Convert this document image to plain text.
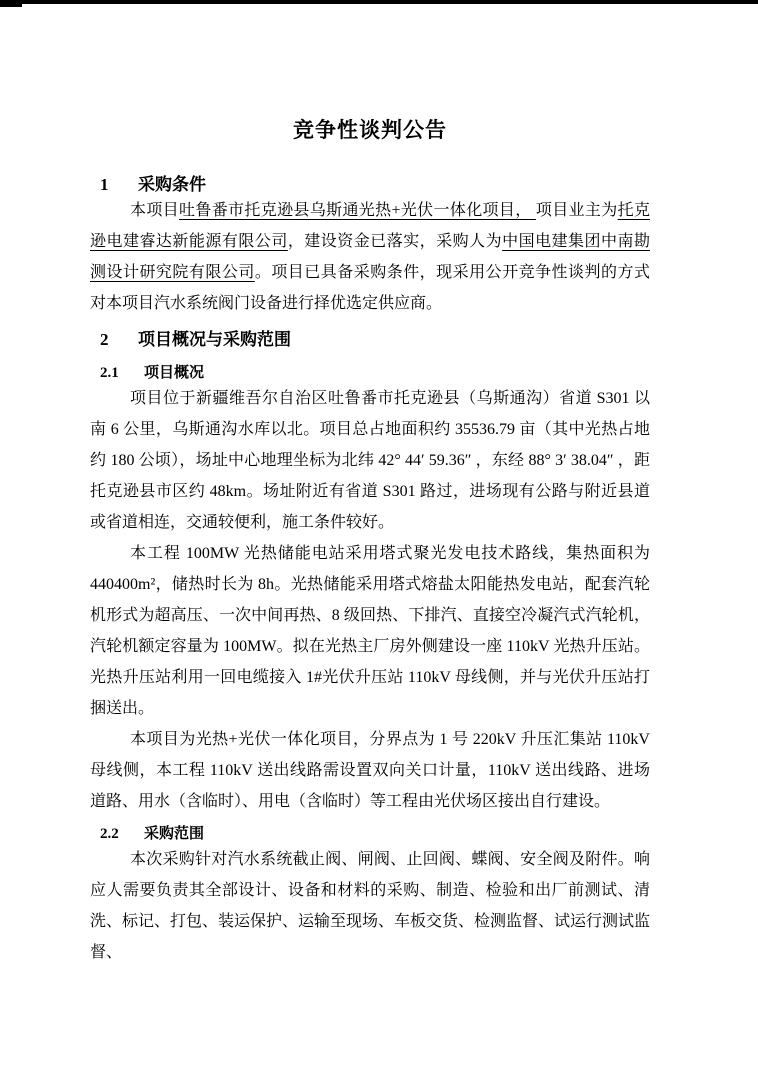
竞争性谈判公告
1 采购条件

本项目吐鲁番市托克逊县乌斯通光热+光伏一体化项目， 项目业主为托克逊电建睿达新能源有限公司，建设资金已落实，采购人为中国电建集团中南勘测设计研究院有限公司。项目已具备采购条件，现采用公开竞争性谈判的方式对本项目汽水系统阀门设备进行择优选定供应商。

2 项目概况与采购范围
2.1 项目概况

项目位于新疆维吾尔自治区吐鲁番市托克逊县（乌斯通沟）省道 S301 以南 6 公里，乌斯通沟水库以北。项目总占地面积约 35536.79 亩（其中光热占地约 180 公顷），场址中心地理坐标为北纬 42° 44′ 59.36″ ，东经 88° 3′ 38.04″ ，距托克逊县市区约 48km。场址附近有省道 S301 路过，进场现有公路与附近县道或省道相连，交通较便利，施工条件较好。

本工程 100MW 光热储能电站采用塔式聚光发电技术路线，集热面积为 440400m²，储热时长为 8h。光热储能采用塔式熔盐太阳能热发电站，配套汽轮机形式为超高压、一次中间再热、8 级回热、下排汽、直接空冷凝汽式汽轮机，汽轮机额定容量为 100MW。拟在光热主厂房外侧建设一座 110kV 光热升压站。光热升压站利用一回电缆接入 1#光伏升压站 110kV 母线侧，并与光伏升压站打捆送出。

本项目为光热+光伏一体化项目，分界点为 1 号 220kV 升压汇集站 110kV 母线侧，本工程 110kV 送出线路需设置双向关口计量，110kV 送出线路、进场道路、用水（含临时）、用电（含临时）等工程由光伏场区接出自行建设。

2.2 采购范围

本次采购针对汽水系统截止阀、闸阀、止回阀、蝶阀、安全阀及附件。响应人需要负责其全部设计、设备和材料的采购、制造、检验和出厂前测试、清洗、标记、打包、装运保护、运输至现场、车板交货、检测监督、试运行测试监督、
